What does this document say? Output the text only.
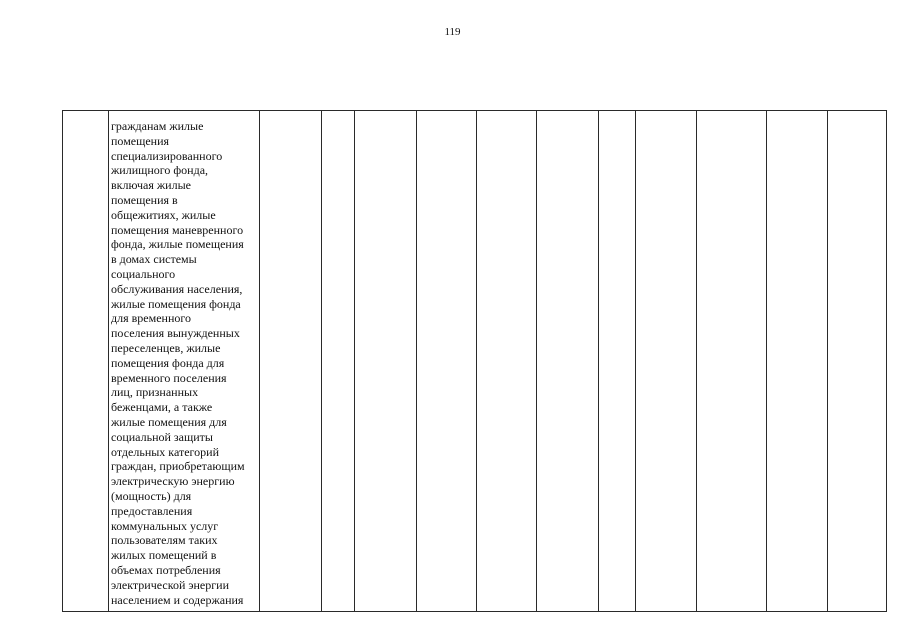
119
	гражданам жилые
помещения
специализированного
жилищного фонда,
включая жилые
помещения в
общежитиях, жилые
помещения маневренного
фонда, жилые помещения
в домах системы
социального
обслуживания населения,
жилые помещения фонда
для временного
поселения вынужденных
переселенцев, жилые
помещения фонда для
временного поселения
лиц, признанных
беженцами, а также
жилые помещения для
социальной защиты
отдельных категорий
граждан, приобретающим
электрическую энергию
(мощность) для
предоставления
коммунальных услуг
пользователям таких
жилых помещений в
объемах потребления
электрической энергии
населением и содержания											
